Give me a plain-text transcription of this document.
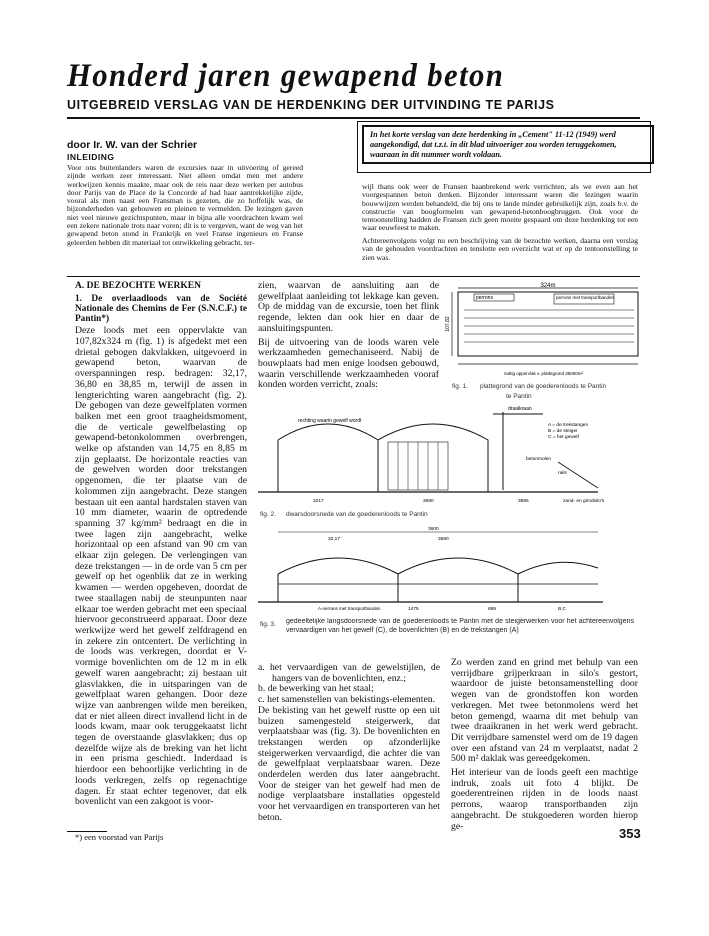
Honderd jaren gewapend beton
UITGEBREID VERSLAG VAN DE HERDENKING DER UITVINDING TE PARIJS
door Ir. W. van der Schrier
INLEIDING
Voor ons buitenlanders waren de excursies naar in uitvoering of gereed zijnde werken zeer interessant. Niet alleen omdat men met andere werkwijzen kennis maakte, maar ook de reis naar deze werken per autobus door Parijs van de Place de la Concorde af had haar aantrekkelijke zijde, vooral als men naast een Fransman is gezeten, die zo hoffelijk was, de bijzonderheden van gebouwen en pleinen te vermelden. De lezingen gaven niet veel nieuwe gezichtspunten, maar in bijna alle voordrachten kwam wel een zekere nationale trots naar voren; dit is te vergeven, want de weg van het gewapend beton stond in Frankrijk en veel Franse ingenieurs en Franse geleerden hebben dit materiaal tot ontwikkeling gebracht, ter-
In het korte verslag van deze herdenking in „Cement" 11-12 (1949) werd aangekondigd, dat t.z.t. in dit blad uitvoeriger zou worden teruggekomen, waaraan in dit nummer wordt voldaan.
wijl thans ook weer de Fransen baanbrekend werk verrichten, als we even aan het voorgespannen beton denken. Bijzonder interessant waren die lezingen waarin bouwwijzen werden behandeld, die bij ons te lande minder gebruikelijk zijn, zoals b.v. de constructie van boogformelen van gewapend-betonboogbruggen. Ook voor de tentoonstelling hadden de Fransen zich geen moeite gespaard om deze herdenking tot een waar eeuwfeest te maken.
Achtereenvolgens volgt nu een beschrijving van de bezochte werken, daarna een verslag van de gehouden voordrachten en tenslotte een overzicht wat er op de tentoonstelling te zien was.
A. DE BEZOCHTE WERKEN
1. De overlaadloods van de Société Nationale des Chemins de Fer (S.N.C.F.) te Pantin*)

Deze loods met een oppervlakte van 107,82x324 m (fig. 1) is afgedekt met een drietal gebogen dakvlakken, uitgevoerd in gewapend beton, waarvan de overspanningen resp. bedragen: 32,17, 36,80 en 38,85 m, terwijl de assen in lengterichting waren aangebracht (fig. 2). De gebogen van deze gewelfplaten vormen balken met een groot traagheidsmoment, die de verticale gewelfbelasting op gewapend-betonkolommen overbrengen, welke op afstanden van 14,75 en 8,85 m zijn geplaatst. De horizontale reacties van de gewelven worden door trekstangen opgenomen, die ter plaatse van de kolommen zijn aangebracht. Deze stangen bestaan uit een aantal hardstalen staven van 10 mm diameter, waarin de optredende spanning 37 kg/mm² bedraagt en die in twee lagen zijn aangebracht, welke horizontaal op een afstand van 90 cm van elkaar zijn gelegen. De verlengingen van deze trekstangen — in de orde van 5 cm per gewelf op het ogenblik dat ze in werking kwamen — werden opgeheven, doordat de twee staallagen nabij de steunpunten naar elkaar toe werden gebracht met een speciaal hiervoor geconstrueerd apparaat. Door deze werkwijze werd het gewelf zelfdragend en in zekere zin ontcentert. De verlichting in de loods was verkregen, doordat er V-vormige bovenlichten om de 12 m in elk gewelf waren aangebracht; zij bestaan uit glasvlakken, die in uitsparingen van de gewelfplaat waren gehangen. Door deze wijze van aanbrengen wilde men bereiken, dat er niet alleen direct invallend licht in de loods kwam, maar ook teruggekaatst licht tegen de overstaande glasvlakken; dus op dezelfde wijze als de breking van het licht in een prisma geschiedt. Inderdaad is hierdoor een behoorlijke verlichting in de loods verkregen, zelfs op regenachtige dagen. Er staat echter tegenover, dat elk bovenlicht van een zakgoot is voor-

zien, waarvan de aansluiting aan de gewelfplaat aanleiding tot lekkage kan geven. Op de middag van de excursie, toen het flink regende, lekten dan ook hier en daar de aansluitingspunten.

Bij de uitvoering van de loods waren vele werkzaamheden gemechaniseerd. Nabij de bouwplaats had men enige loodsen gebouwd, waarin verschillende werkzaamheden vooraf konden worden verricht, zoals:

324m
107,82
perrons	perrons met transportbanden
nuttig oppervlak v. plattegrond 35000m²
fig. 1. plattegrond van de goederenloods te Pantin
te Pantin
rechting waarin gewelf wordt
draaikraan
A = de trekstangen
B = de steiger
C = het gewelf
betonmolen
rails
zand- en grindsilo's
3217	3680	3885
fig. 2. dwarsdoorsnede van de goederenloods te Pantin
32,17
3600
3680
A-oerrans met transportbanden	1475	885	B,C
fig. 3. gedeeltelijke langsdoorsnede van de goederenloods te Pantin met de steigerwerken voor het achtereenvolgens vervaardigen van het gewelf (C), de bovenlichten (B) en de trekstangen (A)

a. het vervaardigen van de gewelstijlen, de hangers van de bovenlichten, enz.;

b. de bewerking van het staal;

c. het samenstellen van bekistings-elementen.

De bekisting van het gewelf rustte op een uit buizen samengesteld steigerwerk, dat verplaatsbaar was (fig. 3). De bovenlichten en trekstangen werden op afzonderlijke steigerwerken vervaardigd, die achter die van de gewelfplaat verplaatsbaar waren. Deze onderdelen werden dus later aangebracht. Voor de steiger van het gewelf had men de nodige verplaatsbare installaties opgesteld voor het vervaardigen en transporteren van het beton.

Zo werden zand en grind met behulp van een verrijdbare grijperkraan in silo's gestort, waardoor de juiste betonsamenstelling door wegen van de grondstoffen kon worden verkregen. Met twee betonmolens werd het beton gemengd, waarna dit met behulp van twee draaikranen in het werk werd gebracht. Dit verrijdbare samenstel werd om de 19 dagen over een afstand van 24 m verplaatst, nadat 2 500 m² daklak was gereedgekomen.

Het interieur van de loods geeft een machtige indruk, zoals uit foto 4 blijkt. De goederentreinen rijden in de loods naast perrons, waarop transportbanden zijn aangebracht. De stukgoederen worden hierop ge-

*) een voorstad van Parijs	353
